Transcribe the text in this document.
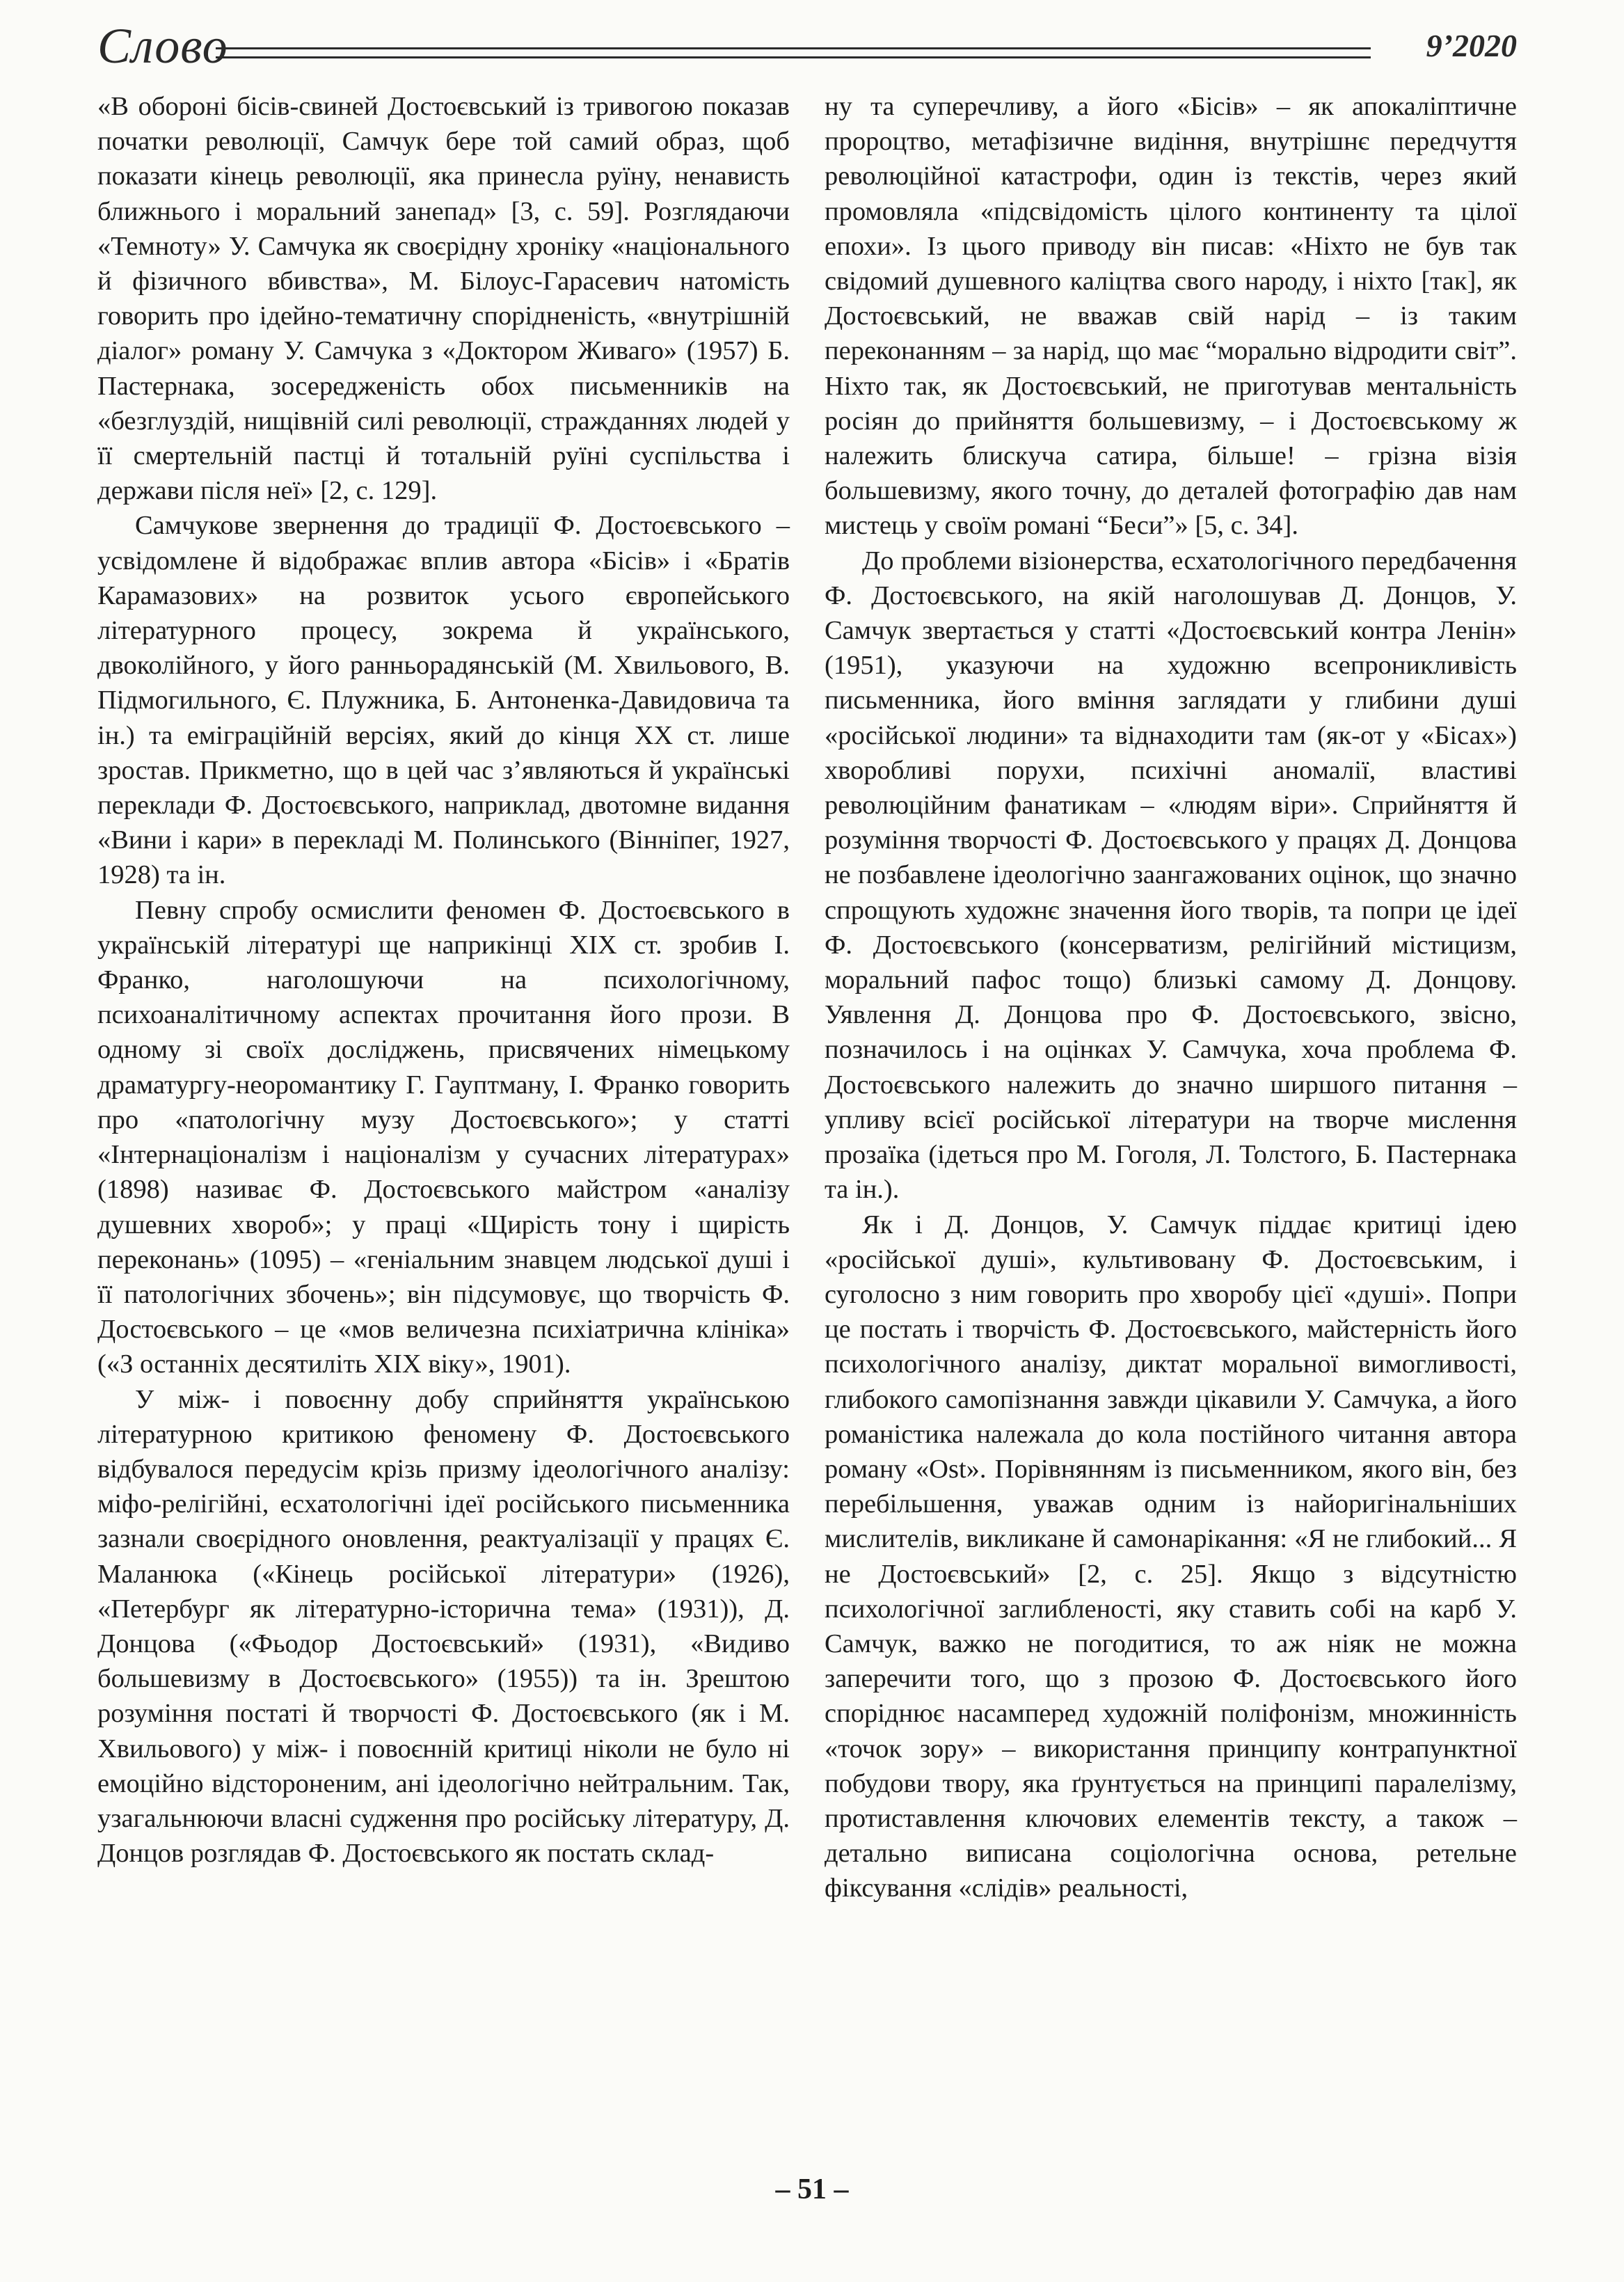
Слово	9’2020

«В обороні бісів-свиней Достоєвський із тривогою показав початки революції, Самчук бере той самий образ, щоб показати кінець революції, яка принесла руїну, ненависть ближнього і моральний занепад» [3, с. 59]. Розглядаючи «Темноту» У. Самчука як своєрідну хроніку «національного й фізичного вбивства», М. Білоус-Гарасевич натомість говорить про ідейно-тематичну спорідненість, «внутрішній діалог» роману У. Самчука з «Доктором Живаго» (1957) Б. Пастернака, зосередженість обох письменників на «безглуздій, нищівній силі революції, стражданнях людей у її смертельній пастці й тотальній руїні суспільства і держави після неї» [2, с. 129].

Самчукове звернення до традиції Ф. Достоєвського – усвідомлене й відображає вплив автора «Бісів» і «Братів Карамазових» на розвиток усього європейського літературного процесу, зокрема й українського, двоколійного, у його ранньорадянській (М. Хвильового, В. Підмогильного, Є. Плужника, Б. Антоненка-Давидовича та ін.) та еміграційній версіях, який до кінця ХХ ст. лише зростав. Прикметно, що в цей час з’являються й українські переклади Ф. Достоєвського, наприклад, двотомне видання «Вини і кари» в перекладі М. Полинського (Вінніпег, 1927, 1928) та ін.

Певну спробу осмислити феномен Ф. Достоєвського в українській літературі ще наприкінці XIX ст. зробив І. Франко, наголошуючи на психологічному, психоаналітичному аспектах прочитання його прози. В одному зі своїх досліджень, присвячених німецькому драматургу-неоромантику Г. Гауптману, І. Франко говорить про «патологічну музу Достоєвського»; у статті «Інтернаціоналізм і націоналізм у сучасних літературах» (1898) називає Ф. Достоєвського майстром «аналізу душевних хвороб»; у праці «Щирість тону і щирість переконань» (1095) – «геніальним знавцем людської душі і її патологічних збочень»; він підсумовує, що творчість Ф. Достоєвського – це «мов величезна психіатрична клініка» («З останніх десятиліть XIX віку», 1901).

У між- і повоєнну добу сприйняття українською літературною критикою феномену Ф. Достоєвського відбувалося передусім крізь призму ідеологічного аналізу: міфо-релігійні, есхатологічні ідеї російського письменника зазнали своєрідного оновлення, реактуалізації у працях Є. Маланюка («Кінець російської літератури» (1926), «Петербург як літературно-історична тема» (1931)), Д. Донцова («Фьодор Достоєвський» (1931), «Видиво большевизму в Достоєвського» (1955)) та ін. Зрештою розуміння постаті й творчості Ф. Достоєвського (як і М. Хвильового) у між- і повоєнній критиці ніколи не було ні емоційно відстороненим, ані ідеологічно нейтральним. Так, узагальнюючи власні судження про російську літературу, Д. Донцов розглядав Ф. Достоєвського як постать склад-

ну та суперечливу, а його «Бісів» – як апокаліптичне пророцтво, метафізичне видіння, внутрішнє передчуття революційної катастрофи, один із текстів, через який промовляла «підсвідомість цілого континенту та цілої епохи». Із цього приводу він писав: «Ніхто не був так свідомий душевного каліцтва свого народу, і ніхто [так], як Достоєвський, не вважав свій нарід – із таким переконанням – за нарід, що має “морально відродити світ”. Ніхто так, як Достоєвський, не приготував ментальність росіян до прийняття большевизму, – і Достоєвському ж належить блискуча сатира, більше! – грізна візія большевизму, якого точну, до деталей фотографію дав нам мистець у своїм романі “Беси”» [5, с. 34].

До проблеми візіонерства, есхатологічного передбачення Ф. Достоєвського, на якій наголошував Д. Донцов, У. Самчук звертається у статті «Достоєвський контра Ленін» (1951), указуючи на художню всепроникливість письменника, його вміння заглядати у глибини душі «російської людини» та віднаходити там (як-от у «Бісах») хворобливі порухи, психічні аномалії, властиві революційним фанатикам – «людям віри». Сприйняття й розуміння творчості Ф. Достоєвського у працях Д. Донцова не позбавлене ідеологічно заангажованих оцінок, що значно спрощують художнє значення його творів, та попри це ідеї Ф. Достоєвського (консерватизм, релігійний містицизм, моральний пафос тощо) близькі самому Д. Донцову. Уявлення Д. Донцова про Ф. Достоєвського, звісно, позначилось і на оцінках У. Самчука, хоча проблема Ф. Достоєвського належить до значно ширшого питання – упливу всієї російської літератури на творче мислення прозаїка (ідеться про М. Гоголя, Л. Толстого, Б. Пастернака та ін.).

Як і Д. Донцов, У. Самчук піддає критиці ідею «російської душі», культивовану Ф. Достоєвським, і суголосно з ним говорить про хворобу цієї «душі». Попри це постать і творчість Ф. Достоєвського, майстерність його психологічного аналізу, диктат моральної вимогливості, глибокого самопізнання завжди цікавили У. Самчука, а його романістика належала до кола постійного читання автора роману «Ost». Порівнянням із письменником, якого він, без перебільшення, уважав одним із найоригінальніших мислителів, викликане й самонарікання: «Я не глибокий... Я не Достоєвський» [2, с. 25]. Якщо з відсутністю психологічної заглибленості, яку ставить собі на карб У. Самчук, важко не погодитися, то аж ніяк не можна заперечити того, що з прозою Ф. Достоєвського його споріднює насамперед художній поліфонізм, множинність «точок зору» – використання принципу контрапунктної побудови твору, яка ґрунтується на принципі паралелізму, протиставлення ключових елементів тексту, а також – детально виписана соціологічна основа, ретельне фіксування «слідів» реальності,

– 51 –
